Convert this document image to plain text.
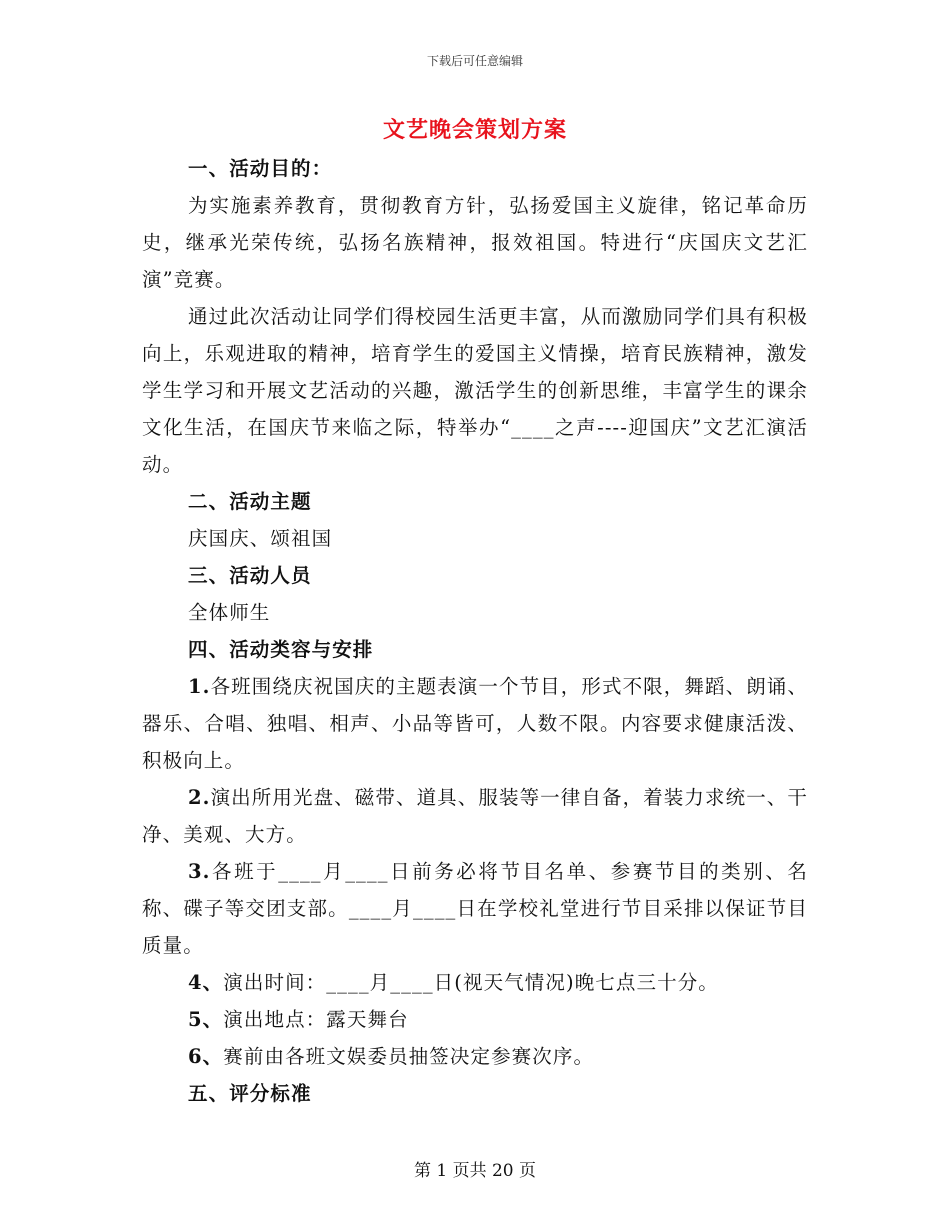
下载后可任意编辑
文艺晚会策划方案

一、活动目的：

为实施素养教育，贯彻教育方针，弘扬爱国主义旋律，铭记革命历史，继承光荣传统，弘扬名族精神，报效祖国。特进行“庆国庆文艺汇演”竞赛。

通过此次活动让同学们得校园生活更丰富，从而激励同学们具有积极向上，乐观进取的精神，培育学生的爱国主义情操，培育民族精神，激发学生学习和开展文艺活动的兴趣，激活学生的创新思维，丰富学生的课余文化生活，在国庆节来临之际，特举办“____之声----迎国庆”文艺汇演活动。

二、活动主题

庆国庆、颂祖国

三、活动人员

全体师生

四、活动类容与安排

1.各班围绕庆祝国庆的主题表演一个节目，形式不限，舞蹈、朗诵、器乐、合唱、独唱、相声、小品等皆可，人数不限。内容要求健康活泼、积极向上。

2.演出所用光盘、磁带、道具、服装等一律自备，着装力求统一、干净、美观、大方。

3.各班于____月____日前务必将节目名单、参赛节目的类别、名称、碟子等交团支部。____月____日在学校礼堂进行节目采排以保证节目质量。

4、演出时间：____月____日(视天气情况)晚七点三十分。

5、演出地点：露天舞台

6、赛前由各班文娱委员抽签决定参赛次序。

五、评分标准

第 1 页共 20 页
